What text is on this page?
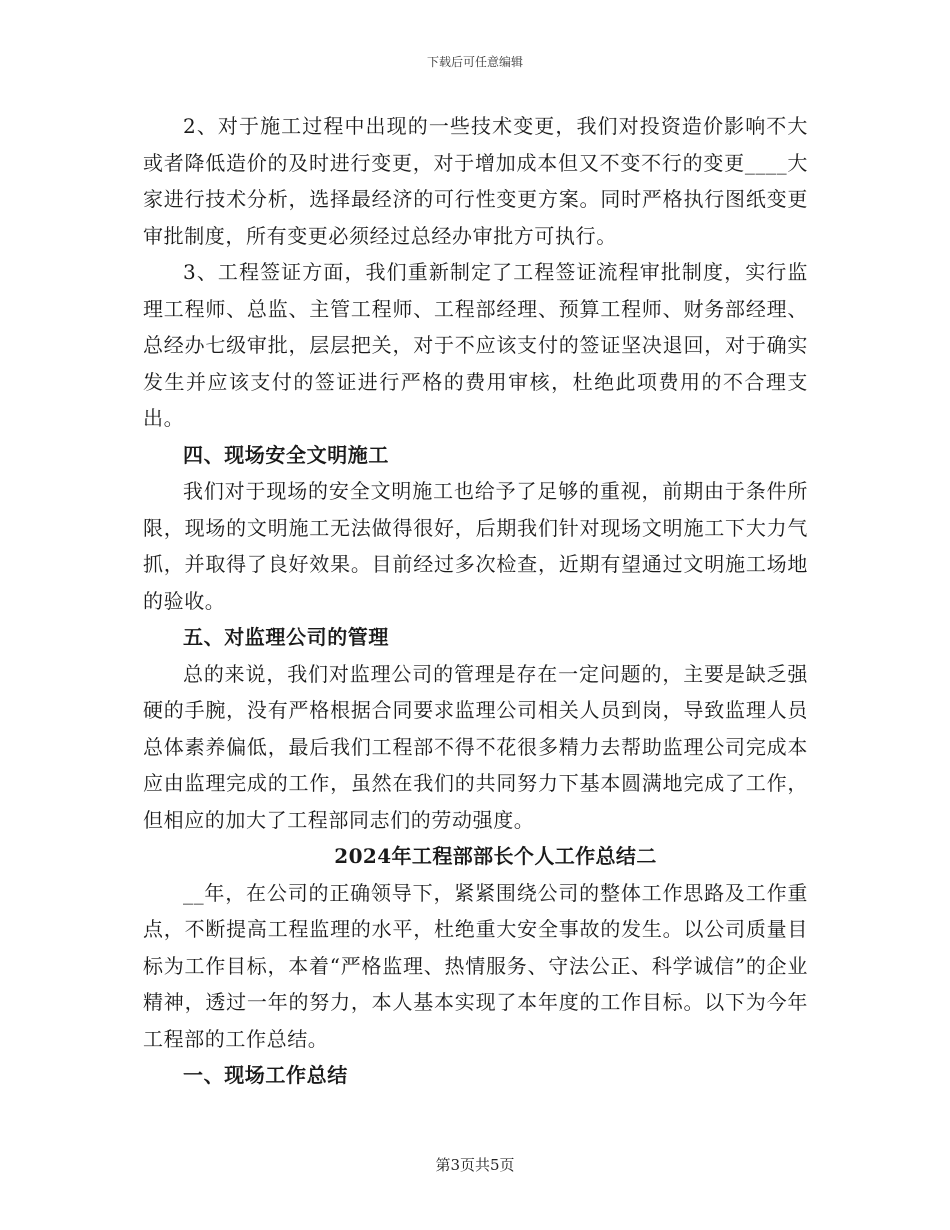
下载后可任意编辑

2、对于施工过程中出现的一些技术变更，我们对投资造价影响不大或者降低造价的及时进行变更，对于增加成本但又不变不行的变更____大家进行技术分析，选择最经济的可行性变更方案。同时严格执行图纸变更审批制度，所有变更必须经过总经办审批方可执行。

3、工程签证方面，我们重新制定了工程签证流程审批制度，实行监理工程师、总监、主管工程师、工程部经理、预算工程师、财务部经理、总经办七级审批，层层把关，对于不应该支付的签证坚决退回，对于确实发生并应该支付的签证进行严格的费用审核，杜绝此项费用的不合理支出。

四、现场安全文明施工

我们对于现场的安全文明施工也给予了足够的重视，前期由于条件所限，现场的文明施工无法做得很好，后期我们针对现场文明施工下大力气抓，并取得了良好效果。目前经过多次检查，近期有望通过文明施工场地的验收。

五、对监理公司的管理

总的来说，我们对监理公司的管理是存在一定问题的，主要是缺乏强硬的手腕，没有严格根据合同要求监理公司相关人员到岗，导致监理人员总体素养偏低，最后我们工程部不得不花很多精力去帮助监理公司完成本应由监理完成的工作，虽然在我们的共同努力下基本圆满地完成了工作，但相应的加大了工程部同志们的劳动强度。

2024年工程部部长个人工作总结二

__年，在公司的正确领导下，紧紧围绕公司的整体工作思路及工作重点，不断提高工程监理的水平，杜绝重大安全事故的发生。以公司质量目标为工作目标，本着“严格监理、热情服务、守法公正、科学诚信”的企业精神，透过一年的努力，本人基本实现了本年度的工作目标。以下为今年工程部的工作总结。

一、现场工作总结

第3页共5页
